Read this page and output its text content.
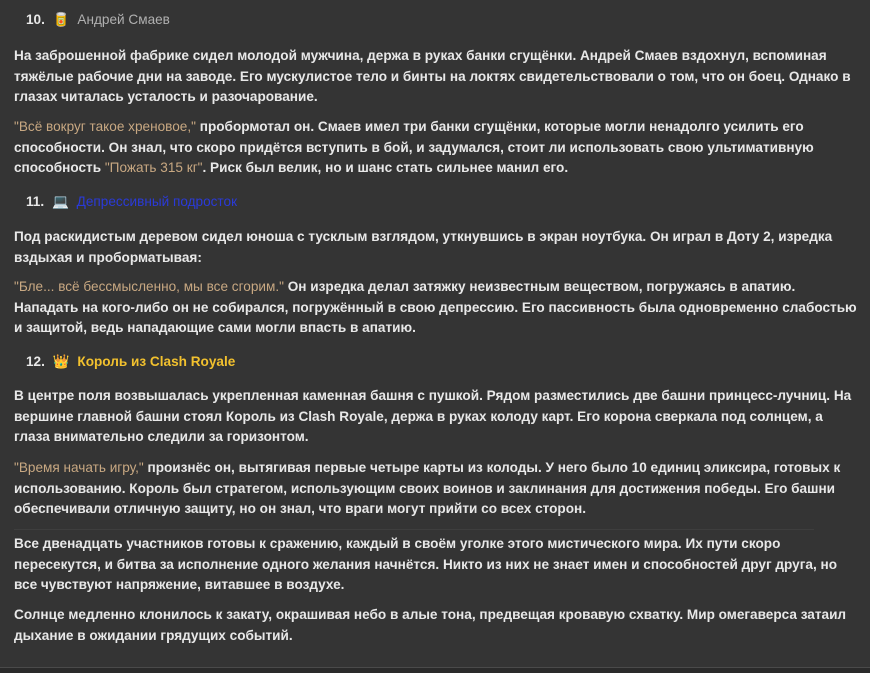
10. 🥫 Андрей Смаев
На заброшенной фабрике сидел молодой мужчина, держа в руках банки сгущёнки. Андрей Смаев вздохнул, вспоминая тяжёлые рабочие дни на заводе. Его мускулистое тело и бинты на локтях свидетельствовали о том, что он боец. Однако в глазах читалась усталость и разочарование.
"Всё вокруг такое хреновое," пробормотал он. Смаев имел три банки сгущёнки, которые могли ненадолго усилить его способности. Он знал, что скоро придётся вступить в бой, и задумался, стоит ли использовать свою ультимативную способность "Пожать 315 кг". Риск был велик, но и шанс стать сильнее манил его.
11. 💻 Депрессивный подросток
Под раскидистым деревом сидел юноша с тусклым взглядом, уткнувшись в экран ноутбука. Он играл в Доту 2, изредка вздыхая и проборматывая:
"Бле... всё бессмысленно, мы все сгорим." Он изредка делал затяжку неизвестным веществом, погружаясь в апатию. Нападать на кого-либо он не собирался, погружённый в свою депрессию. Его пассивность была одновременно слабостью и защитой, ведь нападающие сами могли впасть в апатию.
12. 👑 Король из Clash Royale
В центре поля возвышалась укрепленная каменная башня с пушкой. Рядом разместились две башни принцесс-лучниц. На вершине главной башни стоял Король из Clash Royale, держа в руках колоду карт. Его корона сверкала под солнцем, а глаза внимательно следили за горизонтом.
"Время начать игру," произнёс он, вытягивая первые четыре карты из колоды. У него было 10 единиц эликсира, готовых к использованию. Король был стратегом, использующим своих воинов и заклинания для достижения победы. Его башни обеспечивали отличную защиту, но он знал, что враги могут прийти со всех сторон.
Все двенадцать участников готовы к сражению, каждый в своём уголке этого мистического мира. Их пути скоро пересекутся, и битва за исполнение одного желания начнётся. Никто из них не знает имен и способностей друг друга, но все чувствуют напряжение, витавшее в воздухе.
Солнце медленно клонилось к закату, окрашивая небо в алые тона, предвещая кровавую схватку. Мир омегаверса затаил дыхание в ожидании грядущих событий.
